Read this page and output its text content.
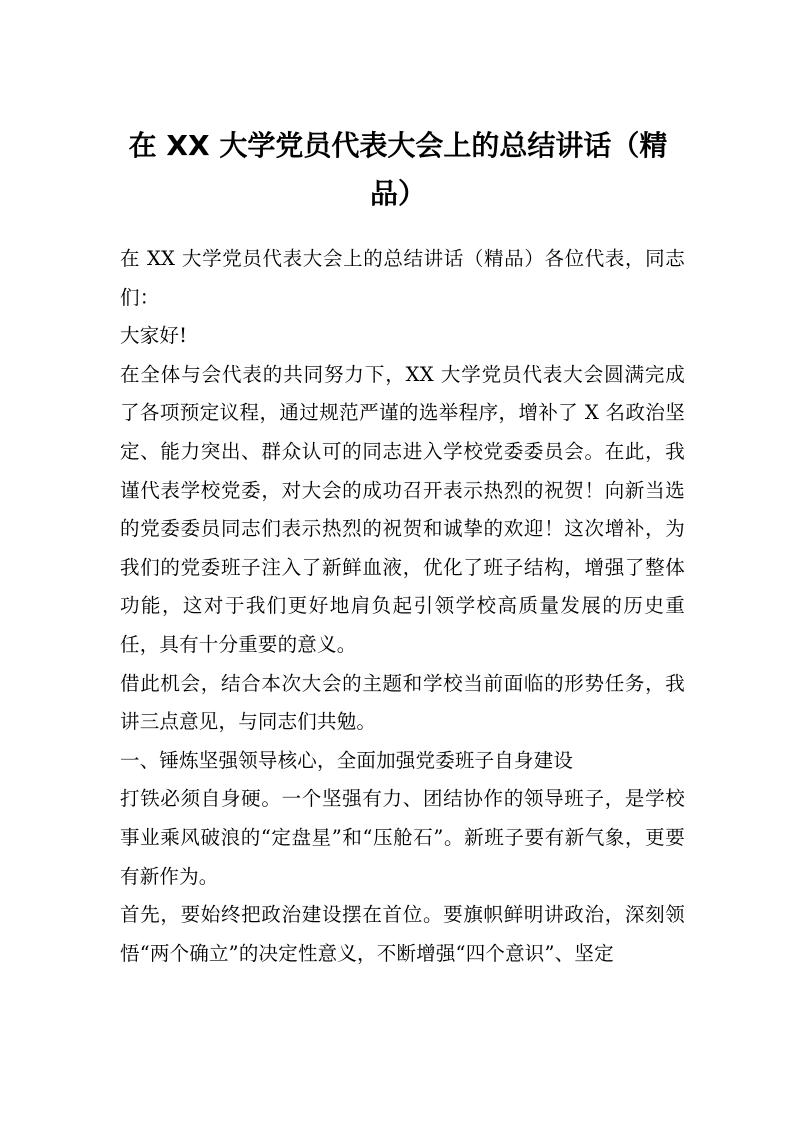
在 XX 大学党员代表大会上的总结讲话（精品）

在 XX 大学党员代表大会上的总结讲话（精品）各位代表，同志们：

大家好!

在全体与会代表的共同努力下，XX 大学党员代表大会圆满完成了各项预定议程，通过规范严谨的选举程序，增补了 X 名政治坚定、能力突出、群众认可的同志进入学校党委委员会。在此，我谨代表学校党委，对大会的成功召开表示热烈的祝贺！向新当选的党委委员同志们表示热烈的祝贺和诚挚的欢迎！这次增补，为我们的党委班子注入了新鲜血液，优化了班子结构，增强了整体功能，这对于我们更好地肩负起引领学校高质量发展的历史重任，具有十分重要的意义。

借此机会，结合本次大会的主题和学校当前面临的形势任务，我讲三点意见，与同志们共勉。

一、锤炼坚强领导核心，全面加强党委班子自身建设

打铁必须自身硬。一个坚强有力、团结协作的领导班子，是学校事业乘风破浪的“定盘星”和“压舱石”。新班子要有新气象，更要有新作为。

首先，要始终把政治建设摆在首位。要旗帜鲜明讲政治，深刻领悟“两个确立”的决定性意义，不断增强“四个意识”、坚定
